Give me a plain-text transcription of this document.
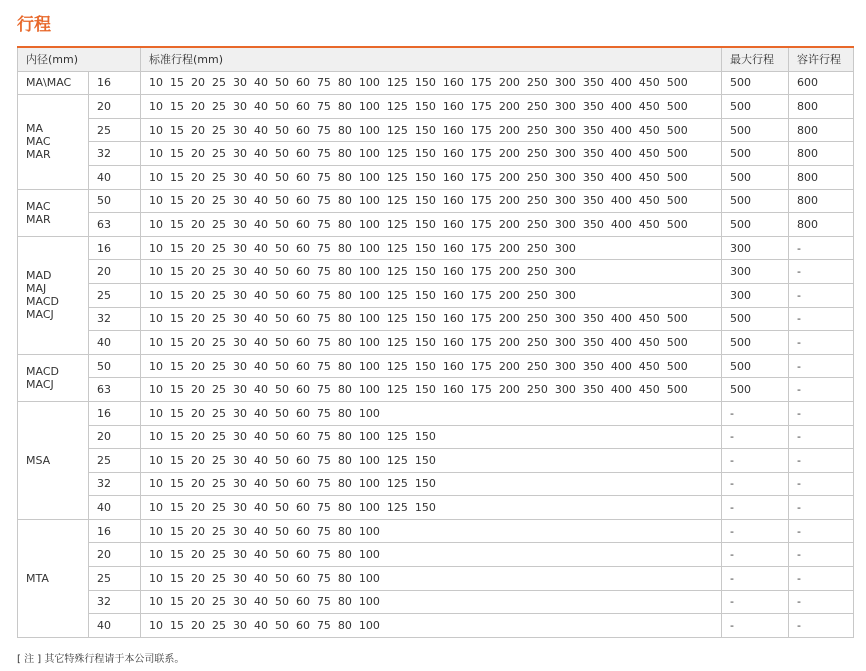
行程
内径(mm)		标准行程(mm)	最大行程	容许行程

MA\MAC	16	10  15  20  25  30  40  50  60  75  80  100  125  150  160  175  200  250  300  350  400  450  500	500	600

MA
MAC
MAR	20	10  15  20  25  30  40  50  60  75  80  100  125  150  160  175  200  250  300  350  400  450  500	500	800
	25	10  15  20  25  30  40  50  60  75  80  100  125  150  160  175  200  250  300  350  400  450  500	500	800
	32	10  15  20  25  30  40  50  60  75  80  100  125  150  160  175  200  250  300  350  400  450  500	500	800
	40	10  15  20  25  30  40  50  60  75  80  100  125  150  160  175  200  250  300  350  400  450  500	500	800

MAC
MAR	50	10  15  20  25  30  40  50  60  75  80  100  125  150  160  175  200  250  300  350  400  450  500	500	800
	63	10  15  20  25  30  40  50  60  75  80  100  125  150  160  175  200  250  300  350  400  450  500	500	800

MAD
MAJ
MACD
MACJ	16	10  15  20  25  30  40  50  60  75  80  100  125  150  160  175  200  250  300	300	-
	20	10  15  20  25  30  40  50  60  75  80  100  125  150  160  175  200  250  300	300	-
	25	10  15  20  25  30  40  50  60  75  80  100  125  150  160  175  200  250  300	300	-
	32	10  15  20  25  30  40  50  60  75  80  100  125  150  160  175  200  250  300  350  400  450  500	500	-
	40	10  15  20  25  30  40  50  60  75  80  100  125  150  160  175  200  250  300  350  400  450  500	500	-

MACD
MACJ	50	10  15  20  25  30  40  50  60  75  80  100  125  150  160  175  200  250  300  350  400  450  500	500	-
	63	10  15  20  25  30  40  50  60  75  80  100  125  150  160  175  200  250  300  350  400  450  500	500	-

MSA	16	10  15  20  25  30  40  50  60  75  80  100	-	-
	20	10  15  20  25  30  40  50  60  75  80  100  125  150	-	-
	25	10  15  20  25  30  40  50  60  75  80  100  125  150	-	-
	32	10  15  20  25  30  40  50  60  75  80  100  125  150	-	-
	40	10  15  20  25  30  40  50  60  75  80  100  125  150	-	-

MTA	16	10  15  20  25  30  40  50  60  75  80  100	-	-
	20	10  15  20  25  30  40  50  60  75  80  100	-	-
	25	10  15  20  25  30  40  50  60  75  80  100	-	-
	32	10  15  20  25  30  40  50  60  75  80  100	-	-
	40	10  15  20  25  30  40  50  60  75  80  100	-	-
[ 注 ] 其它特殊行程请于本公司联系。
